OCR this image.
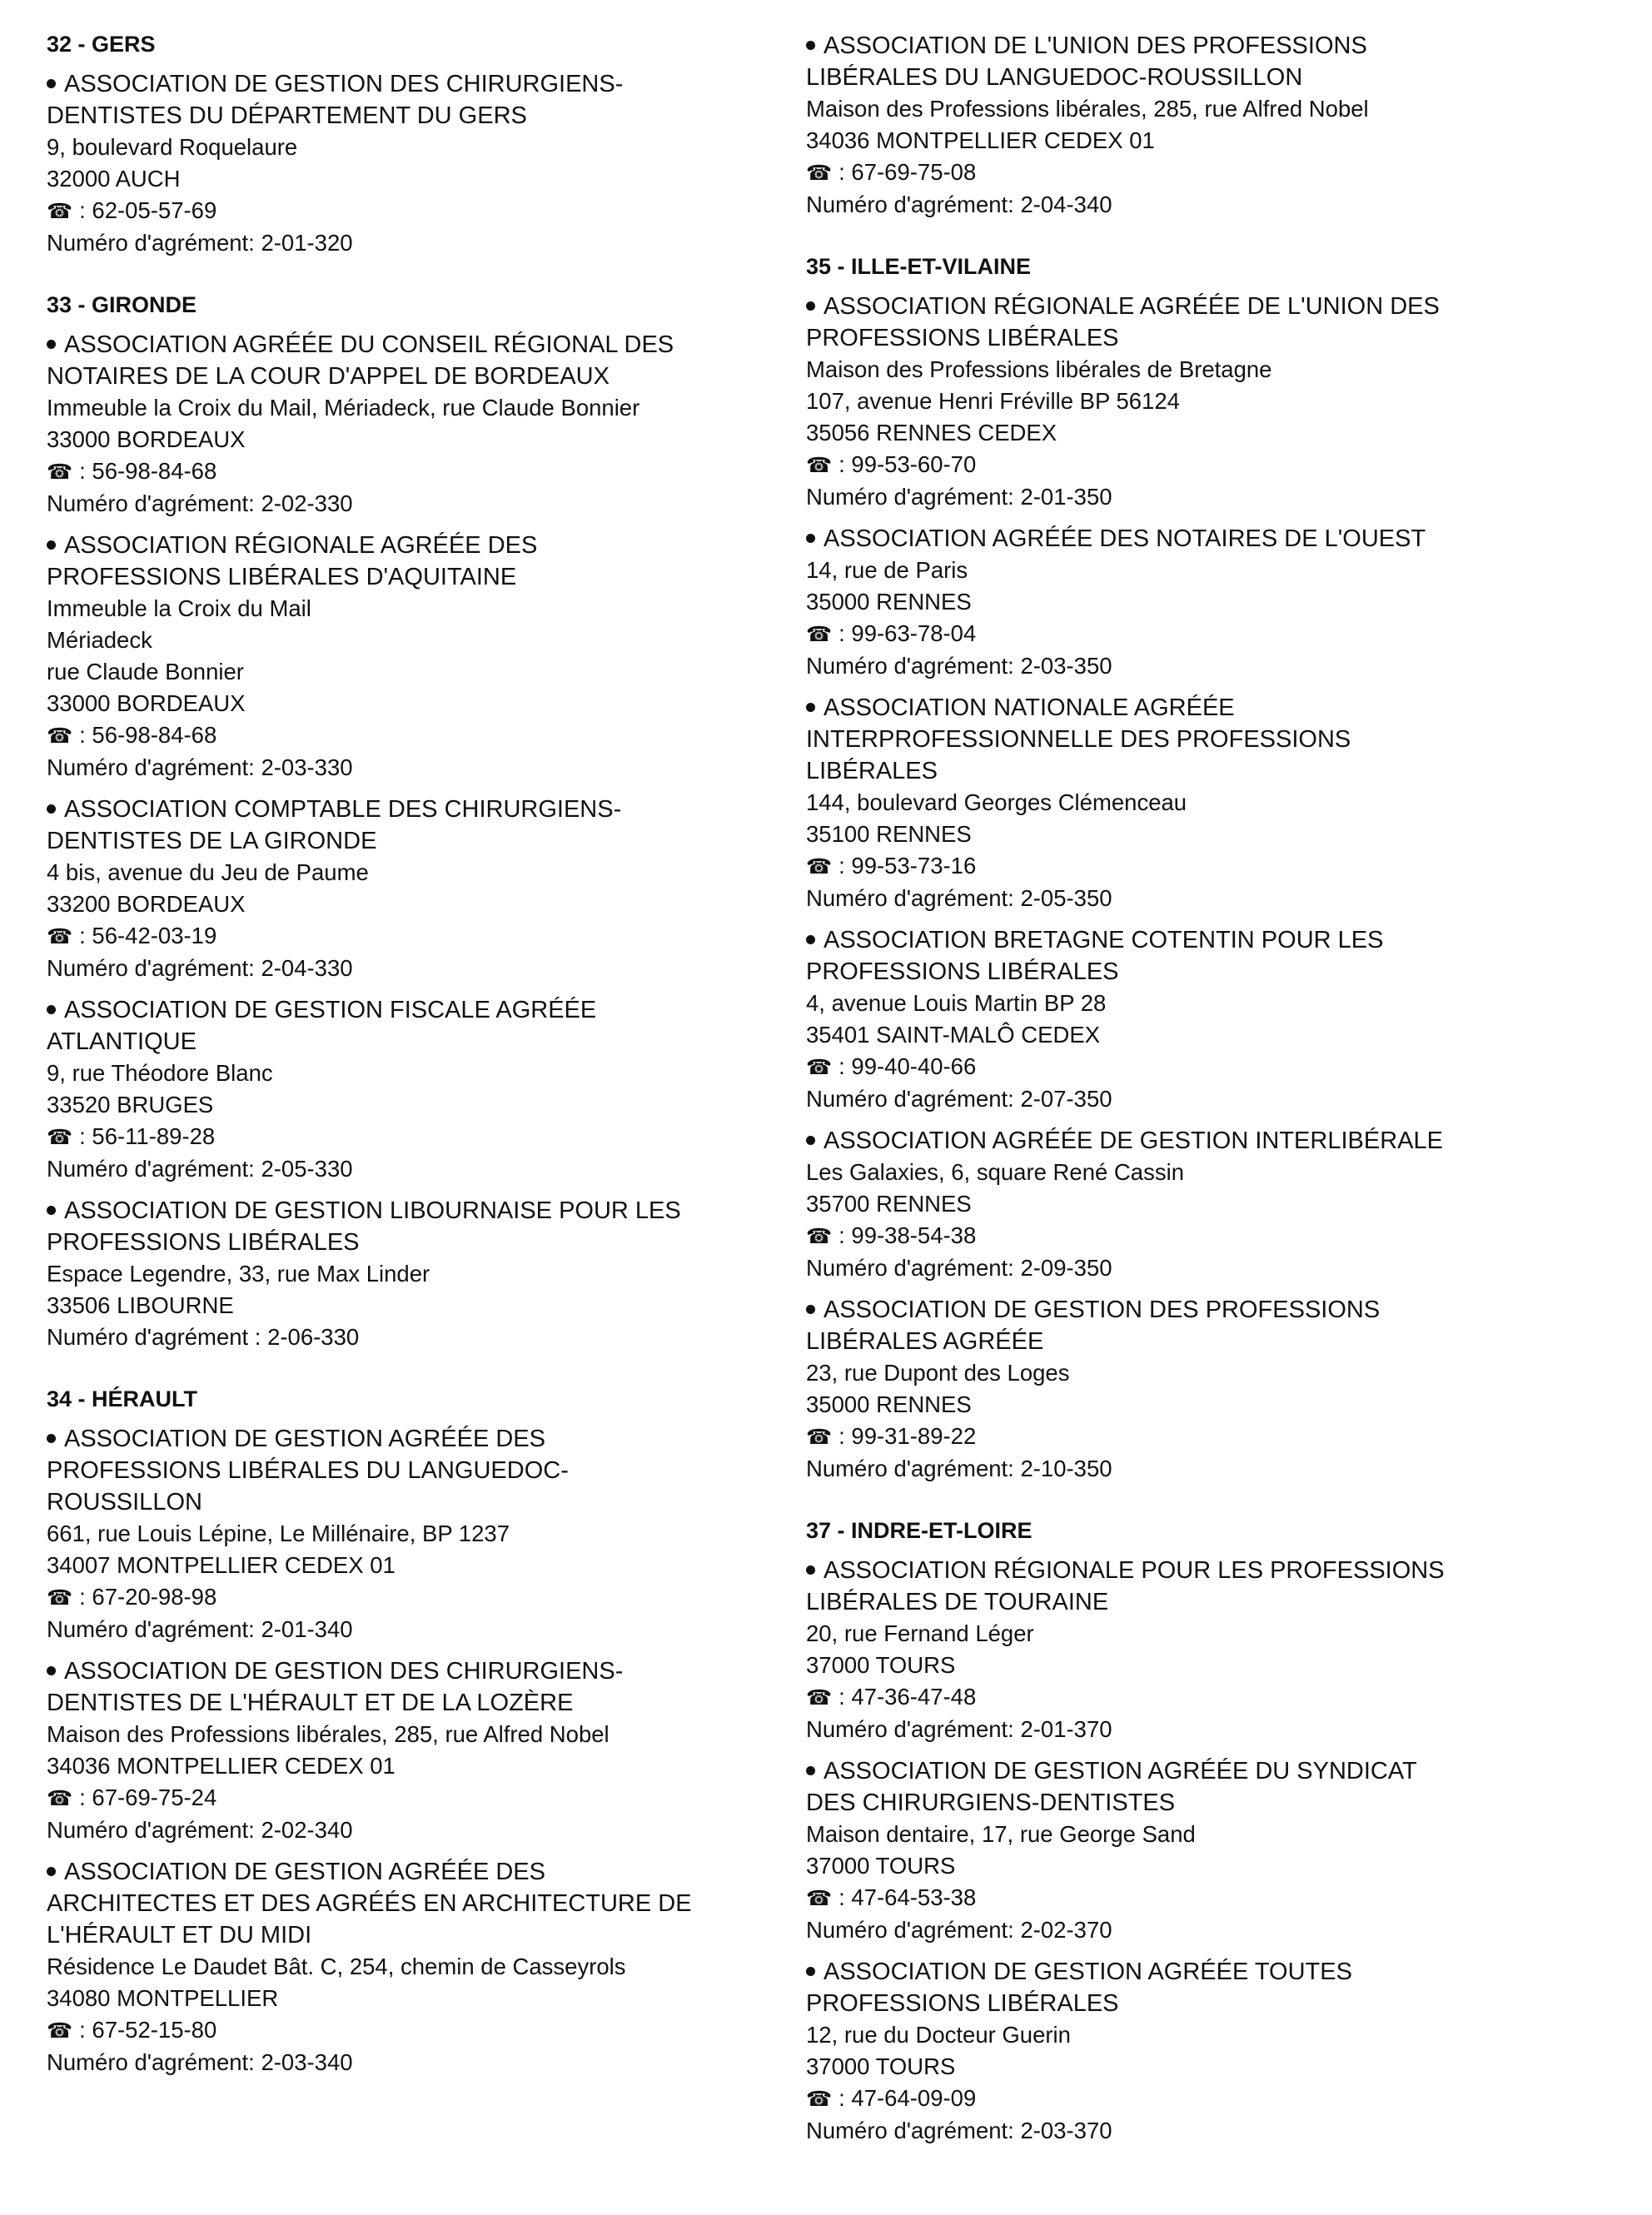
32 - GERS
ASSOCIATION DE GESTION DES CHIRURGIENS-
DENTISTES DU DÉPARTEMENT DU GERS
9, boulevard Roquelaure
32000 AUCH
☎ : 62-05-57-69
Numéro d'agrément: 2-01-320
33 - GIRONDE
ASSOCIATION AGRÉÉE DU CONSEIL RÉGIONAL DES
NOTAIRES DE LA COUR D'APPEL DE BORDEAUX
Immeuble la Croix du Mail, Mériadeck, rue Claude Bonnier
33000 BORDEAUX
☎ : 56-98-84-68
Numéro d'agrément: 2-02-330
ASSOCIATION RÉGIONALE AGRÉÉE DES
PROFESSIONS LIBÉRALES D'AQUITAINE
Immeuble la Croix du Mail
Mériadeck
rue Claude Bonnier
33000 BORDEAUX
☎ : 56-98-84-68
Numéro d'agrément: 2-03-330
ASSOCIATION COMPTABLE DES CHIRURGIENS-
DENTISTES DE LA GIRONDE
4 bis, avenue du Jeu de Paume
33200 BORDEAUX
☎ : 56-42-03-19
Numéro d'agrément: 2-04-330
ASSOCIATION DE GESTION FISCALE AGRÉÉE
ATLANTIQUE
9, rue Théodore Blanc
33520 BRUGES
☎ : 56-11-89-28
Numéro d'agrément: 2-05-330
ASSOCIATION DE GESTION LIBOURNAISE POUR LES
PROFESSIONS LIBÉRALES
Espace Legendre, 33, rue Max Linder
33506 LIBOURNE
Numéro d'agrément : 2-06-330
34 - HÉRAULT
ASSOCIATION DE GESTION AGRÉÉE DES
PROFESSIONS LIBÉRALES DU LANGUEDOC-
ROUSSILLON
661, rue Louis Lépine, Le Millénaire, BP 1237
34007 MONTPELLIER CEDEX 01
☎ : 67-20-98-98
Numéro d'agrément: 2-01-340
ASSOCIATION DE GESTION DES CHIRURGIENS-
DENTISTES DE L'HÉRAULT ET DE LA LOZÈRE
Maison des Professions libérales, 285, rue Alfred Nobel
34036 MONTPELLIER CEDEX 01
☎ : 67-69-75-24
Numéro d'agrément: 2-02-340
ASSOCIATION DE GESTION AGRÉÉE DES
ARCHITECTES ET DES AGRÉÉS EN ARCHITECTURE DE
L'HÉRAULT ET DU MIDI
Résidence Le Daudet Bât. C, 254, chemin de Casseyrols
34080 MONTPELLIER
☎ : 67-52-15-80
Numéro d'agrément: 2-03-340
ASSOCIATION DE L'UNION DES PROFESSIONS
LIBÉRALES DU LANGUEDOC-ROUSSILLON
Maison des Professions libérales, 285, rue Alfred Nobel
34036 MONTPELLIER CEDEX 01
☎ : 67-69-75-08
Numéro d'agrément: 2-04-340
35 - ILLE-ET-VILAINE
ASSOCIATION RÉGIONALE AGRÉÉE DE L'UNION DES
PROFESSIONS LIBÉRALES
Maison des Professions libérales de Bretagne
107, avenue Henri Fréville BP 56124
35056 RENNES CEDEX
☎ : 99-53-60-70
Numéro d'agrément: 2-01-350
ASSOCIATION AGRÉÉE DES NOTAIRES DE L'OUEST
14, rue de Paris
35000 RENNES
☎ : 99-63-78-04
Numéro d'agrément: 2-03-350
ASSOCIATION NATIONALE AGRÉÉE
INTERPROFESSIONNELLE DES PROFESSIONS
LIBÉRALES
144, boulevard Georges Clémenceau
35100 RENNES
☎ : 99-53-73-16
Numéro d'agrément: 2-05-350
ASSOCIATION BRETAGNE COTENTIN POUR LES
PROFESSIONS LIBÉRALES
4, avenue Louis Martin BP 28
35401 SAINT-MALÔ CEDEX
☎ : 99-40-40-66
Numéro d'agrément: 2-07-350
ASSOCIATION AGRÉÉE DE GESTION INTERLIBÉRALE
Les Galaxies, 6, square René Cassin
35700 RENNES
☎ : 99-38-54-38
Numéro d'agrément: 2-09-350
ASSOCIATION DE GESTION DES PROFESSIONS
LIBÉRALES AGRÉÉE
23, rue Dupont des Loges
35000 RENNES
☎ : 99-31-89-22
Numéro d'agrément: 2-10-350
37 - INDRE-ET-LOIRE
ASSOCIATION RÉGIONALE POUR LES PROFESSIONS
LIBÉRALES DE TOURAINE
20, rue Fernand Léger
37000 TOURS
☎ : 47-36-47-48
Numéro d'agrément: 2-01-370
ASSOCIATION DE GESTION AGRÉÉE DU SYNDICAT
DES CHIRURGIENS-DENTISTES
Maison dentaire, 17, rue George Sand
37000 TOURS
☎ : 47-64-53-38
Numéro d'agrément: 2-02-370
ASSOCIATION DE GESTION AGRÉÉE TOUTES
PROFESSIONS LIBÉRALES
12, rue du Docteur Guerin
37000 TOURS
☎ : 47-64-09-09
Numéro d'agrément: 2-03-370
